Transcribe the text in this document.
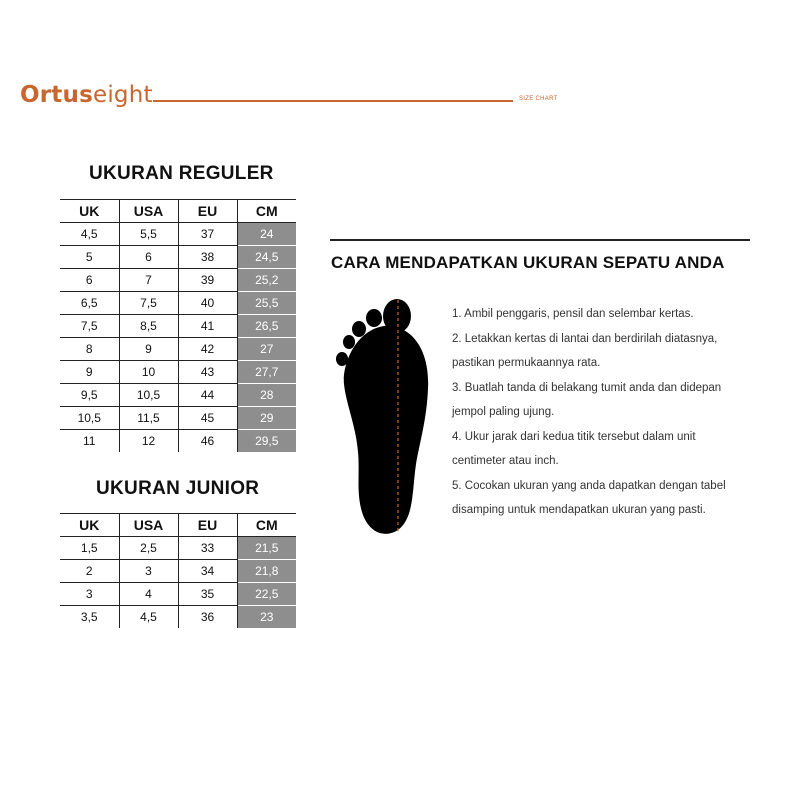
Ortuseight	SIZE CHART
UKURAN REGULER
UK	USA	EU	CM
4,5	5,5	37	24
5	6	38	24,5
6	7	39	25,2
6,5	7,5	40	25,5
7,5	8,5	41	26,5
8	9	42	27
9	10	43	27,7
9,5	10,5	44	28
10,5	11,5	45	29
11	12	46	29,5
UKURAN JUNIOR
UK	USA	EU	CM
1,5	2,5	33	21,5
2	3	34	21,8
3	4	35	22,5
3,5	4,5	36	23
CARA MENDAPATKAN UKURAN SEPATU ANDA
1. Ambil penggaris, pensil dan selembar kertas.
2. Letakkan kertas di lantai dan berdirilah diatasnya,
pastikan permukaannya rata.
3. Buatlah tanda di belakang tumit anda dan didepan
jempol paling ujung.
4. Ukur jarak dari kedua titik tersebut dalam unit
centimeter atau inch.
5. Cocokan ukuran yang anda dapatkan dengan tabel
disamping untuk mendapatkan ukuran yang pasti.
